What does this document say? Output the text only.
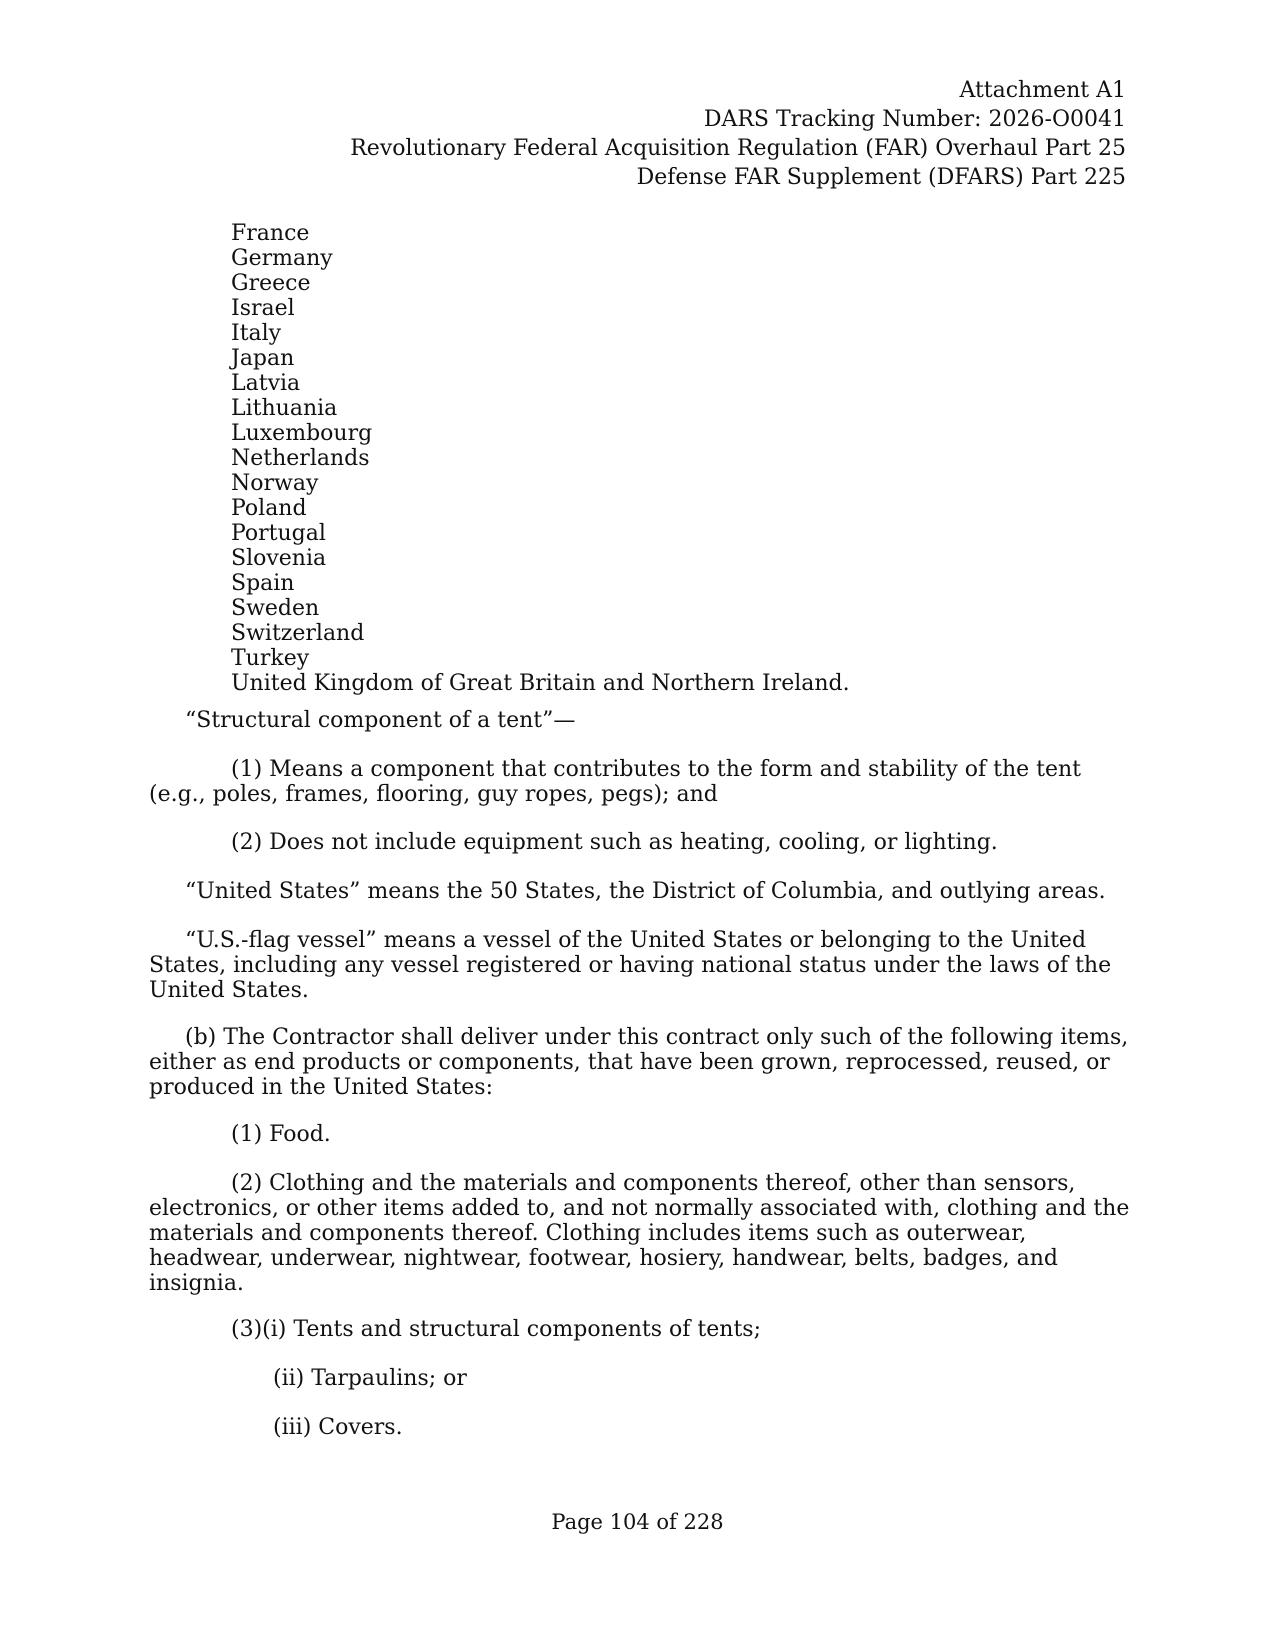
Attachment A1
DARS Tracking Number: 2026-O0041
Revolutionary Federal Acquisition Regulation (FAR) Overhaul Part 25
Defense FAR Supplement (DFARS) Part 225
France
Germany
Greece
Israel
Italy
Japan
Latvia
Lithuania
Luxembourg
Netherlands
Norway
Poland
Portugal
Slovenia
Spain
Sweden
Switzerland
Turkey
United Kingdom of Great Britain and Northern Ireland.

“Structural component of a tent”—

(1) Means a component that contributes to the form and stability of the tent (e.g., poles, frames, flooring, guy ropes, pegs); and

(2) Does not include equipment such as heating, cooling, or lighting.

“United States” means the 50 States, the District of Columbia, and outlying areas.

“U.S.-flag vessel” means a vessel of the United States or belonging to the United States, including any vessel registered or having national status under the laws of the United States.

(b) The Contractor shall deliver under this contract only such of the following items, either as end products or components, that have been grown, reprocessed, reused, or produced in the United States:

(1) Food.

(2) Clothing and the materials and components thereof, other than sensors, electronics, or other items added to, and not normally associated with, clothing and the materials and components thereof. Clothing includes items such as outerwear, headwear, underwear, nightwear, footwear, hosiery, handwear, belts, badges, and insignia.

(3)(i) Tents and structural components of tents;

(ii) Tarpaulins; or

(iii) Covers.

Page 104 of 228
